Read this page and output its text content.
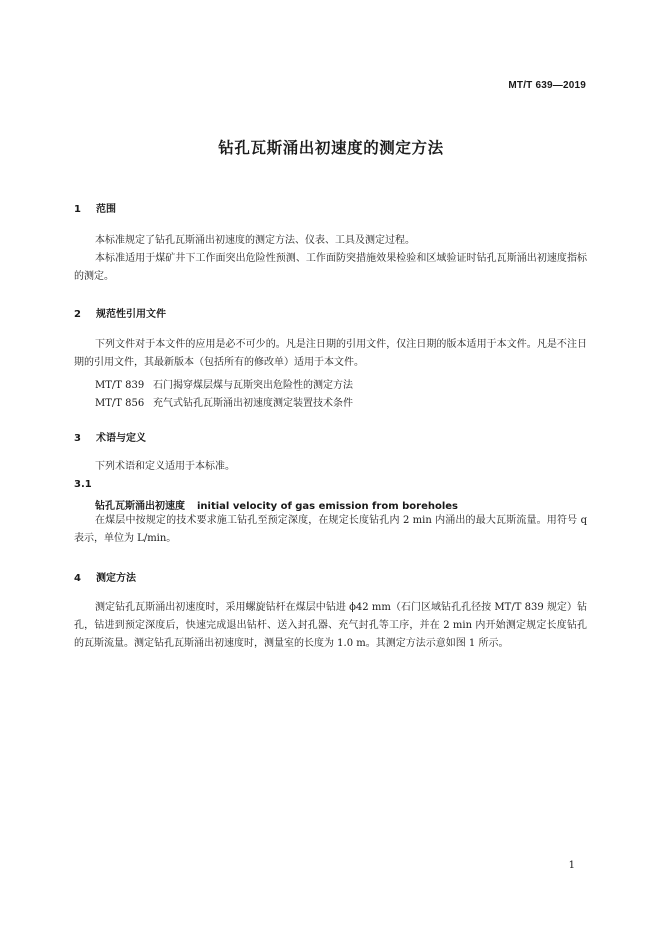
MT/T 639—2019
钻孔瓦斯涌出初速度的测定方法
1 范围
本标准规定了钻孔瓦斯涌出初速度的测定方法、仪表、工具及测定过程。
本标准适用于煤矿井下工作面突出危险性预测、工作面防突措施效果检验和区域验证时钻孔瓦斯涌出初速度指标的测定。
2 规范性引用文件
下列文件对于本文件的应用是必不可少的。凡是注日期的引用文件，仅注日期的版本适用于本文件。凡是不注日期的引用文件，其最新版本（包括所有的修改单）适用于本文件。
MT/T 839 石门揭穿煤层煤与瓦斯突出危险性的测定方法
MT/T 856 充气式钻孔瓦斯涌出初速度测定装置技术条件
3 术语与定义
下列术语和定义适用于本标准。
3.1
钻孔瓦斯涌出初速度 initial velocity of gas emission from boreholes
在煤层中按规定的技术要求施工钻孔至预定深度，在规定长度钻孔内 2 min 内涌出的最大瓦斯流量。用符号 q 表示，单位为 L/min。
4 测定方法
测定钻孔瓦斯涌出初速度时，采用螺旋钻杆在煤层中钻进 ϕ42 mm（石门区域钻孔孔径按 MT/T 839 规定）钻孔，钻进到预定深度后，快速完成退出钻杆、送入封孔器、充气封孔等工序，并在 2 min 内开始测定规定长度钻孔的瓦斯流量。测定钻孔瓦斯涌出初速度时，测量室的长度为 1.0 m。其测定方法示意如图 1 所示。
1
